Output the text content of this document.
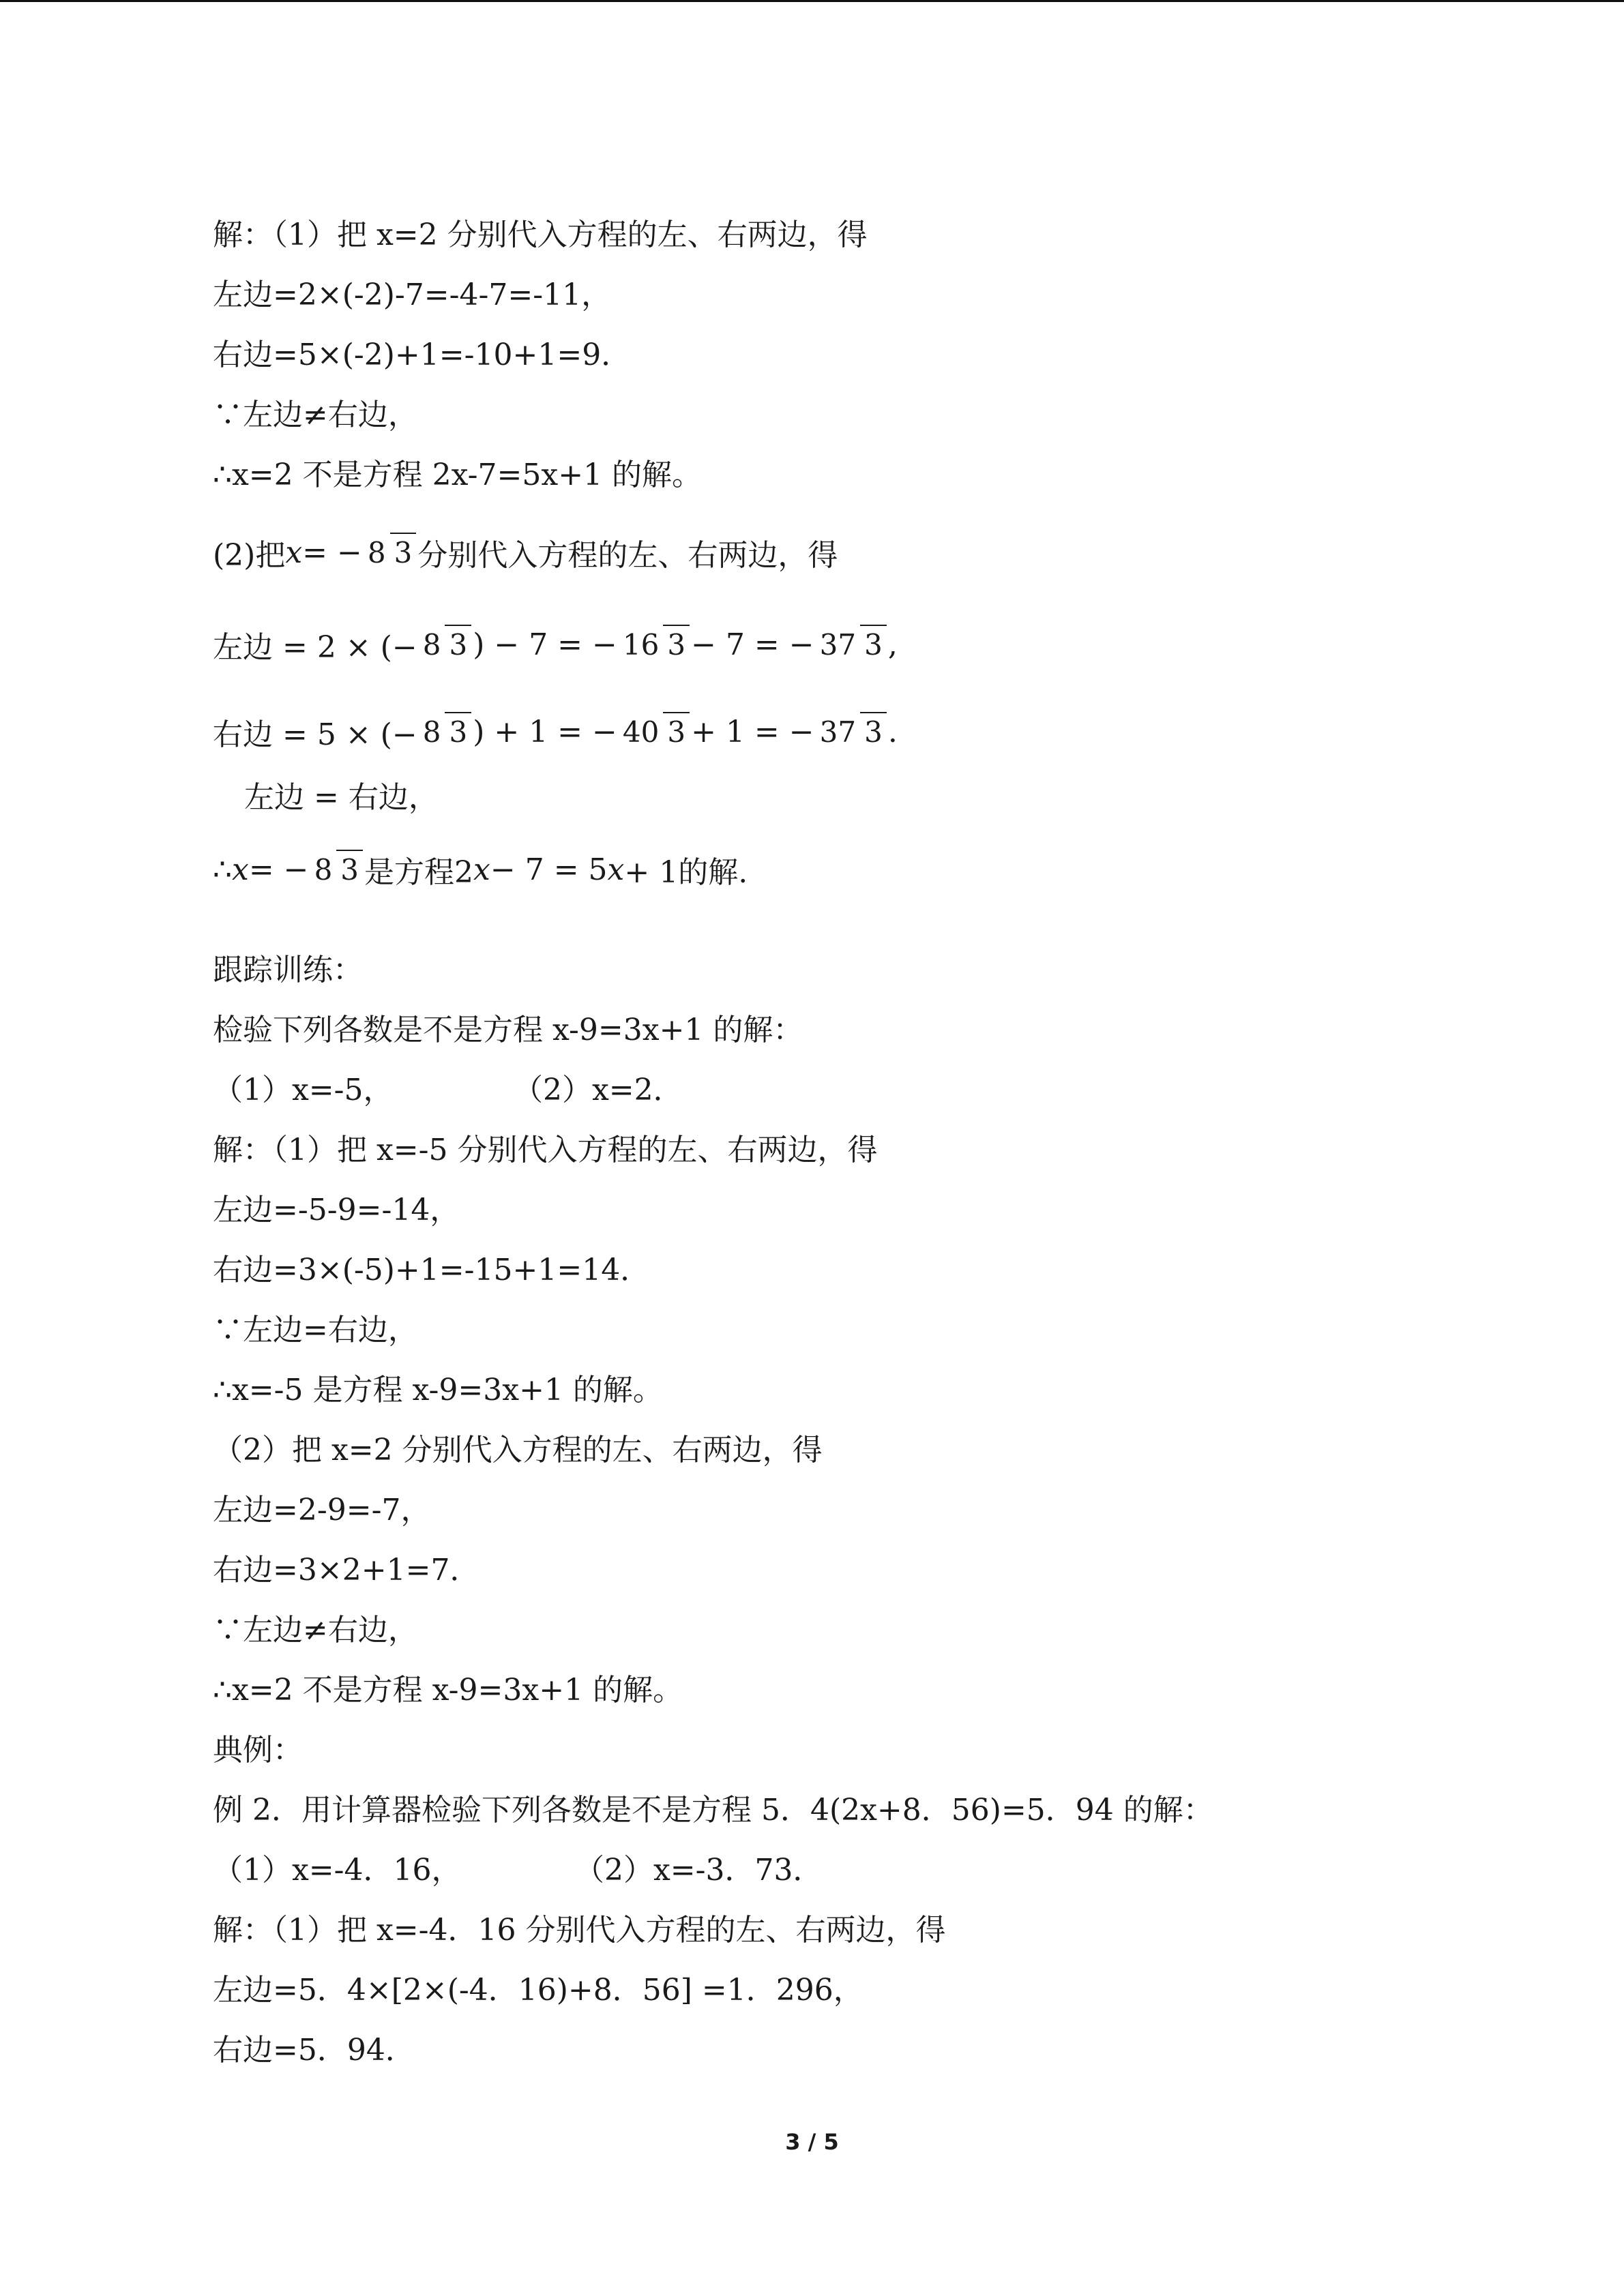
解：（1）把 x=2 分别代入方程的左、右两边，得
左边=2×(-2)-7=-4-7=-11，
右边=5×(-2)+1=-10+1=9．
∵左边≠右边，
∴x=2 不是方程 2x-7=5x+1 的解。
(2)把 x = − 8 3 分别代入方程的左、右两边，得
左边 = 2 × (− 8 3 ) − 7 = − 16 3 − 7 = − 37 3 ,
右边 = 5 × (− 8 3 ) + 1 = − 40 3 + 1 = − 37 3 .
左边 = 右边，
∴ x = − 8 3 是方程2 x − 7 = 5 x + 1的解.
跟踪训练：
检验下列各数是不是方程 x-9=3x+1 的解：
（1）x=-5，	（2）x=2．
解：（1）把 x=-5 分别代入方程的左、右两边，得
左边=-5-9=-14，
右边=3×(-5)+1=-15+1=14．
∵左边=右边，
∴x=-5 是方程 x-9=3x+1 的解。
（2）把 x=2 分别代入方程的左、右两边，得
左边=2-9=-7，
右边=3×2+1=7．
∵左边≠右边，
∴x=2 不是方程 x-9=3x+1 的解。
典例：
例 2．用计算器检验下列各数是不是方程 5．4(2x+8．56)=5．94 的解：
（1）x=-4．16，	（2）x=-3．73．
解：（1）把 x=-4．16 分别代入方程的左、右两边，得
左边=5．4×[2×(-4．16)+8．56] =1．296，
右边=5．94．
3 / 5
